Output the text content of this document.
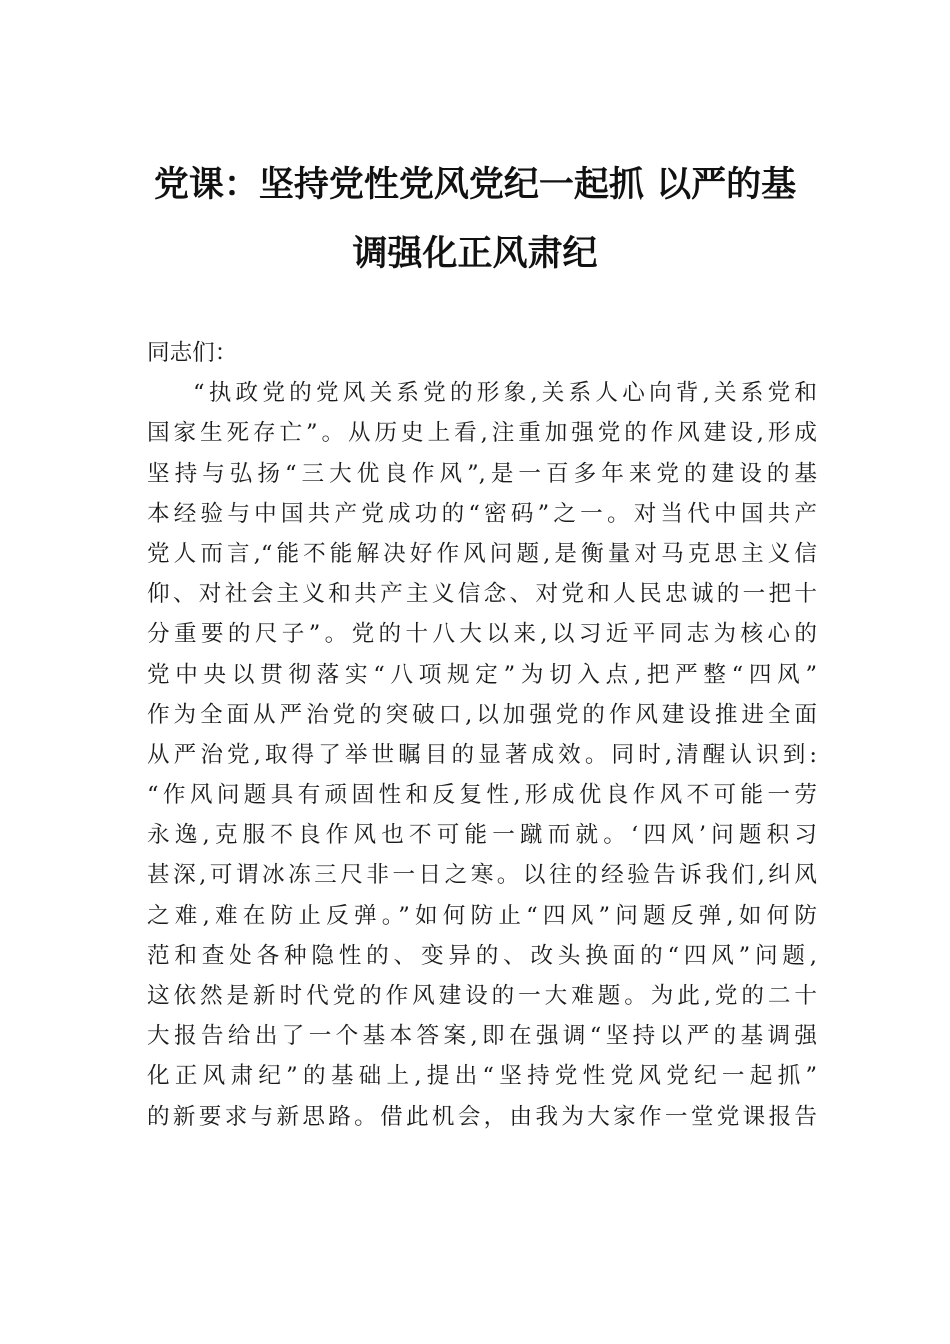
党课：坚持党性党风党纪一起抓 以严的基
调强化正风肃纪
同志们：
“执政党的党风关系党的形象,关系人心向背,关系党和
国家生死存亡”。从历史上看,注重加强党的作风建设,形成
坚持与弘扬“三大优良作风”,是一百多年来党的建设的基
本经验与中国共产党成功的“密码”之一。对当代中国共产
党人而言,“能不能解决好作风问题,是衡量对马克思主义信
仰、对社会主义和共产主义信念、对党和人民忠诚的一把十
分重要的尺子”。党的十八大以来,以习近平同志为核心的
党中央以贯彻落实“八项规定”为切入点,把严整“四风”
作为全面从严治党的突破口,以加强党的作风建设推进全面
从严治党,取得了举世瞩目的显著成效。同时,清醒认识到:
“作风问题具有顽固性和反复性,形成优良作风不可能一劳
永逸,克服不良作风也不可能一蹴而就。‘四风’问题积习
甚深,可谓冰冻三尺非一日之寒。以往的经验告诉我们,纠风
之难,难在防止反弹。”如何防止“四风”问题反弹,如何防
范和查处各种隐性的、变异的、改头换面的“四风”问题,
这依然是新时代党的作风建设的一大难题。为此,党的二十
大报告给出了一个基本答案,即在强调“坚持以严的基调强
化正风肃纪”的基础上,提出“坚持党性党风党纪一起抓”
的新要求与新思路。借此机会，由我为大家作一堂党课报告
